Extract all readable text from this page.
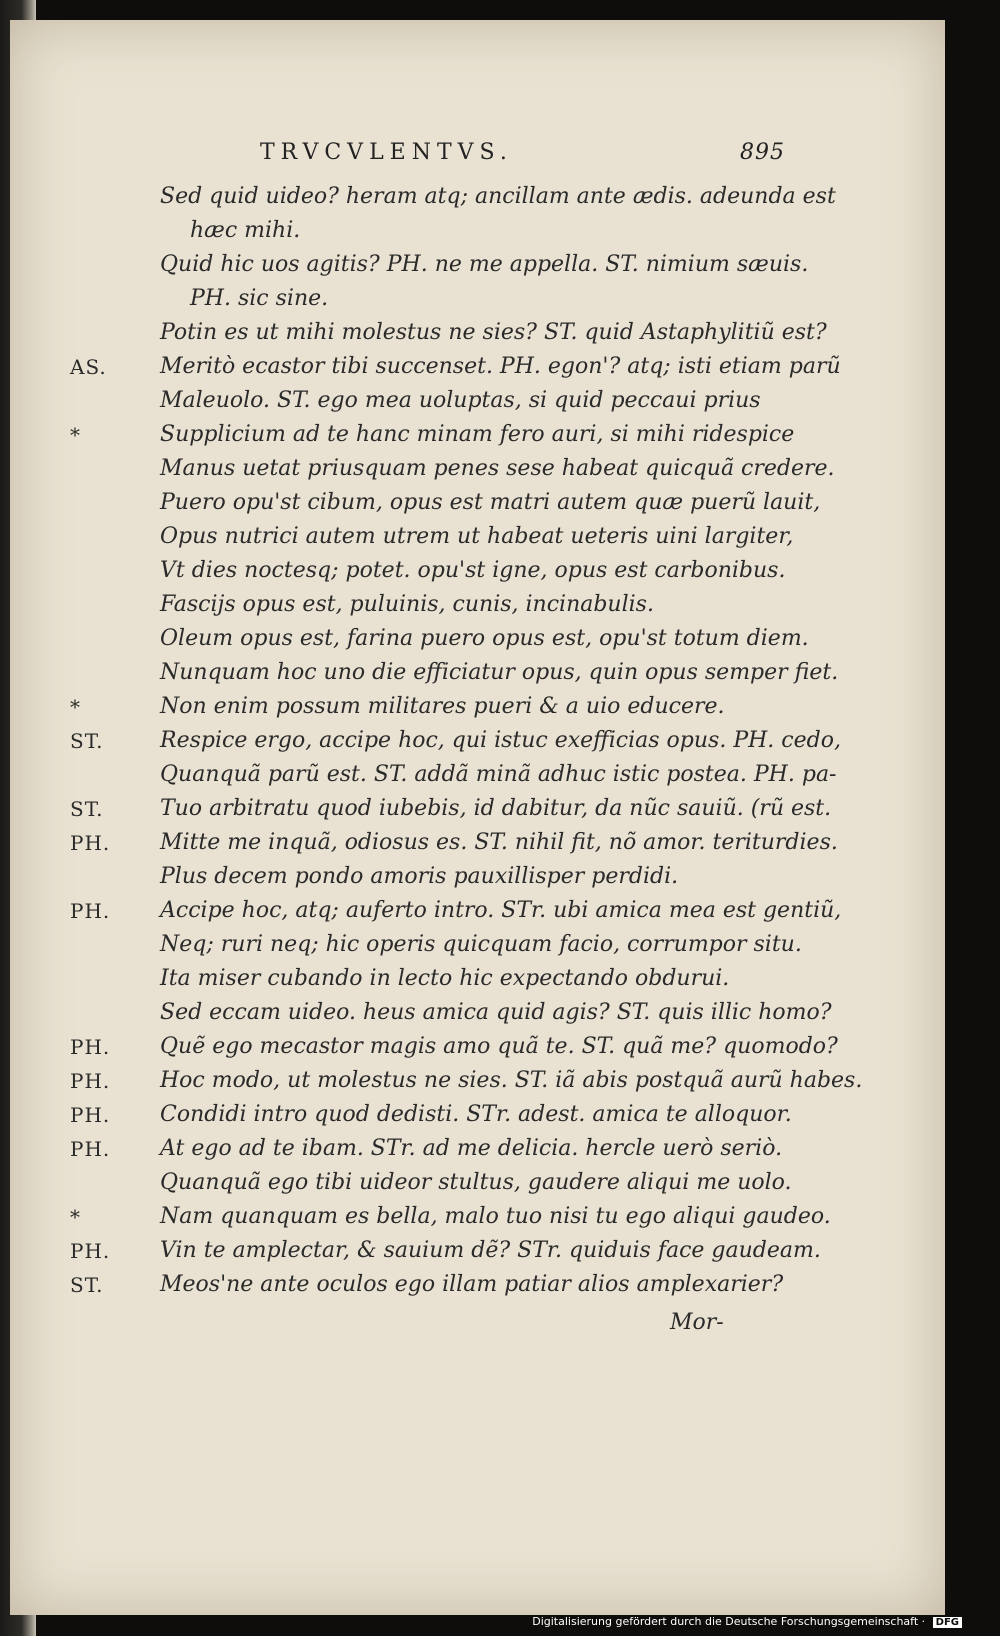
TRVCVLENTVS.	895
Sed quid uideo? heram atq; ancillam ante ædis. adeunda est
hæc mihi.
Quid hic uos agitis? PH. ne me appella. ST. nimium sæuis.
PH. sic sine.
Potin es ut mihi molestus ne sies? ST. quid Astaphylitiũ est?
AS.	Meritò ecastor tibi succenset. PH. egon'? atq; isti etiam parũ
Maleuolo. ST. ego mea uoluptas, si quid peccaui prius
*	Supplicium ad te hanc minam fero auri, si mihi ridespice
Manus uetat priusquam penes sese habeat quicquã credere.
Puero opu'st cibum, opus est matri autem quæ puerũ lauit,
Opus nutrici autem utrem ut habeat ueteris uini largiter,
Vt dies noctesq; potet. opu'st igne, opus est carbonibus.
Fascijs opus est, puluinis, cunis, incinabulis.
Oleum opus est, farina puero opus est, opu'st totum diem.
Nunquam hoc uno die efficiatur opus, quin opus semper fiet.
*	Non enim possum militares pueri & a uio educere.
ST.	Respice ergo, accipe hoc, qui istuc exefficias opus. PH. cedo,
Quanquã parũ est. ST. addã minã adhuc istic postea. PH. pa-
ST.	Tuo arbitratu quod iubebis, id dabitur, da nũc sauiũ. (rũ est.
PH.	Mitte me inquã, odiosus es. ST. nihil fit, nõ amor. teriturdies.
Plus decem pondo amoris pauxillisper perdidi.
PH.	Accipe hoc, atq; auferto intro. STr. ubi amica mea est gentiũ,
Neq; ruri neq; hic operis quicquam facio, corrumpor situ.
Ita miser cubando in lecto hic expectando obdurui.
Sed eccam uideo. heus amica quid agis? ST. quis illic homo?
PH.	Quẽ ego mecastor magis amo quã te. ST. quã me? quomodo?
PH.	Hoc modo, ut molestus ne sies. ST. iã abis postquã aurũ habes.
PH.	Condidi intro quod dedisti. STr. adest. amica te alloquor.
PH.	At ego ad te ibam. STr. ad me delicia. hercle uerò seriò.
Quanquã ego tibi uideor stultus, gaudere aliqui me uolo.
*	Nam quanquam es bella, malo tuo nisi tu ego aliqui gaudeo.
PH.	Vin te amplectar, & sauium dẽ? STr. quiduis face gaudeam.
ST.	Meos'ne ante oculos ego illam patiar alios amplexarier?
Mor-
Digitalisierung gefördert durch die Deutsche Forschungsgemeinschaft · DFG
